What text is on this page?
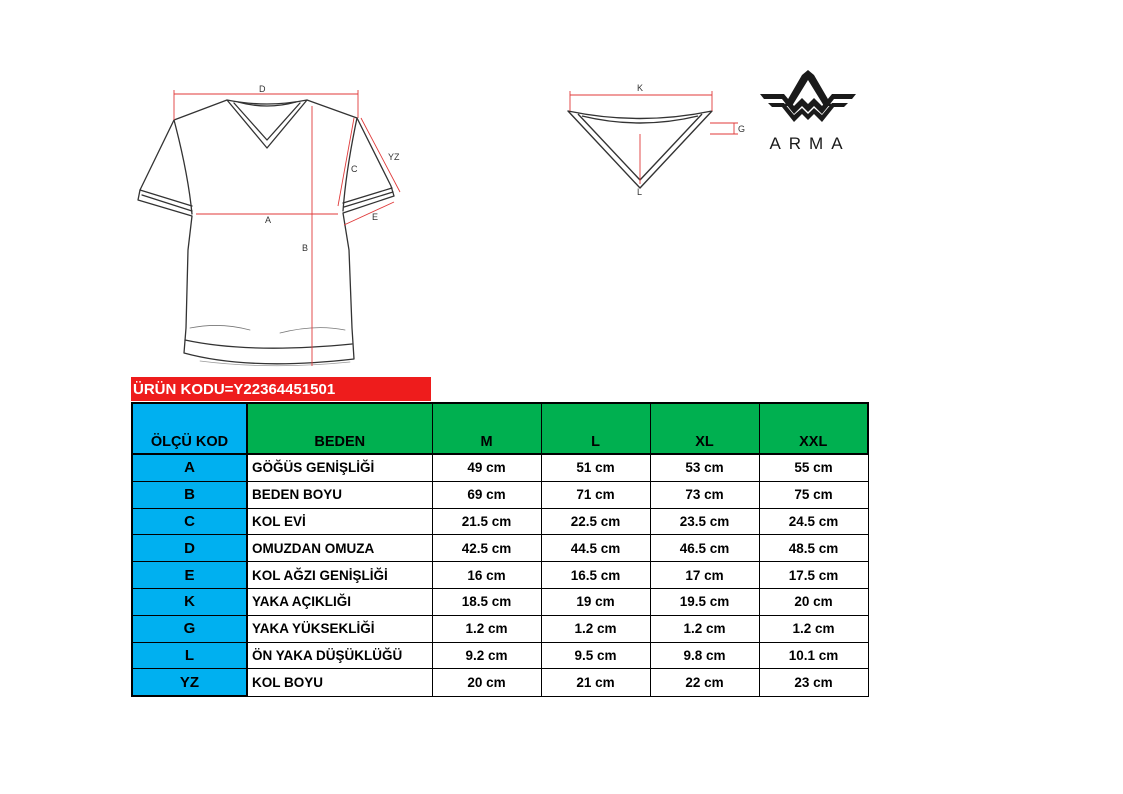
D
YZ
C
A	E
B
K
G
L
ARMA
ÜRÜN KODU=Y22364451501
ÖLÇÜ KOD	BEDEN	M	L	XL	XXL
A	GÖĞÜS GENİŞLİĞİ	49 cm	51 cm	53 cm	55 cm
B	BEDEN BOYU	69 cm	71 cm	73 cm	75 cm
C	KOL EVİ	21.5 cm	22.5 cm	23.5 cm	24.5 cm
D	OMUZDAN OMUZA	42.5 cm	44.5 cm	46.5 cm	48.5 cm
E	KOL AĞZI GENİŞLİĞİ	16 cm	16.5 cm	17 cm	17.5 cm
K	YAKA AÇIKLIĞI	18.5 cm	19 cm	19.5 cm	20 cm
G	YAKA YÜKSEKLİĞİ	1.2 cm	1.2 cm	1.2 cm	1.2 cm
L	ÖN YAKA DÜŞÜKLÜĞÜ	9.2 cm	9.5 cm	9.8 cm	10.1 cm
YZ	KOL BOYU	20 cm	21 cm	22 cm	23 cm
